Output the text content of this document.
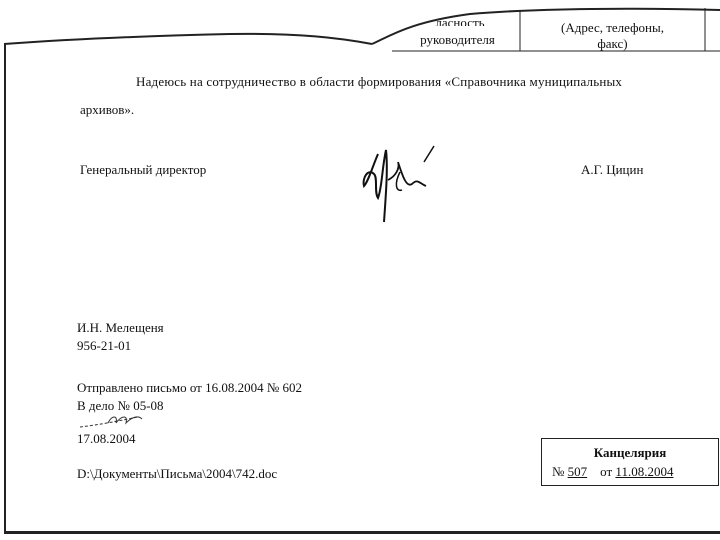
ласность
руководителя
(Адрес, телефоны,
факс)
Надеюсь на сотрудничество в области формирования «Справочника муниципальных
архивов».
Генеральный директор	А.Г. Цицин
И.Н. Мелещеня
956-21-01
Отправлено письмо от 16.08.2004 № 602
В дело № 05-08
17.08.2004
D:\Документы\Письма\2004\742.doc
Канцелярия
№ 507 от 11.08.2004
